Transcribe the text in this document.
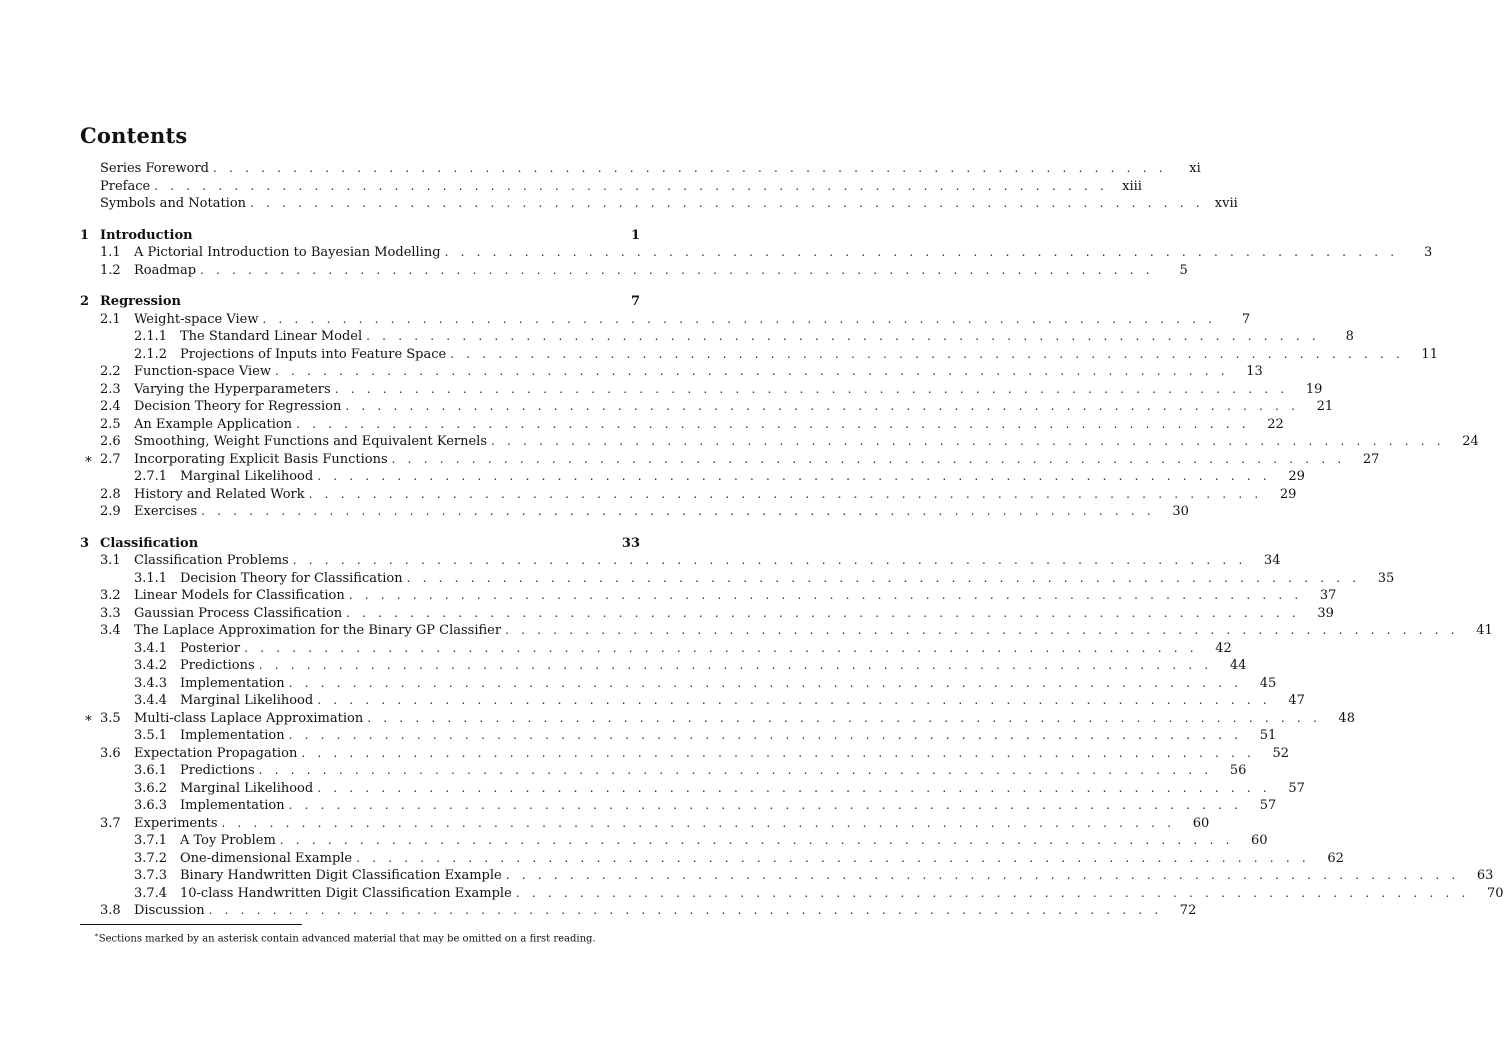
Contents
Series Foreword . . . . . . . . . . . . . . . . . . . . . . . . . . . . . . . . . . . . . . . . . . . . . . . . . . . . . . . . . . . .	xi
Preface . . . . . . . . . . . . . . . . . . . . . . . . . . . . . . . . . . . . . . . . . . . . . . . . . . . . . . . . . . . .	xiii
Symbols and Notation . . . . . . . . . . . . . . . . . . . . . . . . . . . . . . . . . . . . . . . . . . . . . . . . . . . . . . . . . . . . xvii
1 Introduction	1
1.1	A Pictorial Introduction to Bayesian Modelling . . . . . . . . . . . . . . . . . . . . . . . . . . . . . . . . . . . . . . . . . . . . . . . . . . . . . . . . . . . .	3
1.2	Roadmap . . . . . . . . . . . . . . . . . . . . . . . . . . . . . . . . . . . . . . . . . . . . . . . . . . . . . . . . . . . .	5
2 Regression	7
2.1	Weight-space View . . . . . . . . . . . . . . . . . . . . . . . . . . . . . . . . . . . . . . . . . . . . . . . . . . . . . . . . . . . .	7
2.1.1 The Standard Linear Model . . . . . . . . . . . . . . . . . . . . . . . . . . . . . . . . . . . . . . . . . . . . . . . . . . . . . . . . . . . .	8
2.1.2 Projections of Inputs into Feature Space . . . . . . . . . . . . . . . . . . . . . . . . . . . . . . . . . . . . . . . . . . . . . . . . . . . . . . . . . . . .	11
2.2	Function-space View . . . . . . . . . . . . . . . . . . . . . . . . . . . . . . . . . . . . . . . . . . . . . . . . . . . . . . . . . . . .	13
2.3	Varying the Hyperparameters . . . . . . . . . . . . . . . . . . . . . . . . . . . . . . . . . . . . . . . . . . . . . . . . . . . . . . . . . . . .	19
2.4	Decision Theory for Regression . . . . . . . . . . . . . . . . . . . . . . . . . . . . . . . . . . . . . . . . . . . . . . . . . . . . . . . . . . . .	21
2.5	An Example Application . . . . . . . . . . . . . . . . . . . . . . . . . . . . . . . . . . . . . . . . . . . . . . . . . . . . . . . . . . . .	22
2.6	Smoothing, Weight Functions and Equivalent Kernels . . . . . . . . . . . . . . . . . . . . . . . . . . . . . . . . . . . . . . . . . . . . . . . . . . . . . . . . . . . .	24
∗ 2.7	Incorporating Explicit Basis Functions . . . . . . . . . . . . . . . . . . . . . . . . . . . . . . . . . . . . . . . . . . . . . . . . . . . . . . . . . . . .	27
2.7.1 Marginal Likelihood . . . . . . . . . . . . . . . . . . . . . . . . . . . . . . . . . . . . . . . . . . . . . . . . . . . . . . . . . . . .	29
2.8	History and Related Work . . . . . . . . . . . . . . . . . . . . . . . . . . . . . . . . . . . . . . . . . . . . . . . . . . . . . . . . . . . .	29
2.9	Exercises . . . . . . . . . . . . . . . . . . . . . . . . . . . . . . . . . . . . . . . . . . . . . . . . . . . . . . . . . . . .	30
3 Classification	33
3.1	Classification Problems . . . . . . . . . . . . . . . . . . . . . . . . . . . . . . . . . . . . . . . . . . . . . . . . . . . . . . . . . . . .	34
3.1.1 Decision Theory for Classification . . . . . . . . . . . . . . . . . . . . . . . . . . . . . . . . . . . . . . . . . . . . . . . . . . . . . . . . . . . .	35
3.2	Linear Models for Classification . . . . . . . . . . . . . . . . . . . . . . . . . . . . . . . . . . . . . . . . . . . . . . . . . . . . . . . . . . . .	37
3.3	Gaussian Process Classification . . . . . . . . . . . . . . . . . . . . . . . . . . . . . . . . . . . . . . . . . . . . . . . . . . . . . . . . . . . .	39
3.4	The Laplace Approximation for the Binary GP Classifier . . . . . . . . . . . . . . . . . . . . . . . . . . . . . . . . . . . . . . . . . . . . . . . . . . . . . . . . . . . .	41
3.4.1 Posterior . . . . . . . . . . . . . . . . . . . . . . . . . . . . . . . . . . . . . . . . . . . . . . . . . . . . . . . . . . . .	42
3.4.2 Predictions . . . . . . . . . . . . . . . . . . . . . . . . . . . . . . . . . . . . . . . . . . . . . . . . . . . . . . . . . . . .	44
3.4.3 Implementation . . . . . . . . . . . . . . . . . . . . . . . . . . . . . . . . . . . . . . . . . . . . . . . . . . . . . . . . . . . .	45
3.4.4 Marginal Likelihood . . . . . . . . . . . . . . . . . . . . . . . . . . . . . . . . . . . . . . . . . . . . . . . . . . . . . . . . . . . .	47
∗ 3.5	Multi-class Laplace Approximation . . . . . . . . . . . . . . . . . . . . . . . . . . . . . . . . . . . . . . . . . . . . . . . . . . . . . . . . . . . .	48
3.5.1 Implementation . . . . . . . . . . . . . . . . . . . . . . . . . . . . . . . . . . . . . . . . . . . . . . . . . . . . . . . . . . . .	51
3.6	Expectation Propagation . . . . . . . . . . . . . . . . . . . . . . . . . . . . . . . . . . . . . . . . . . . . . . . . . . . . . . . . . . . .	52
3.6.1 Predictions . . . . . . . . . . . . . . . . . . . . . . . . . . . . . . . . . . . . . . . . . . . . . . . . . . . . . . . . . . . .	56
3.6.2 Marginal Likelihood . . . . . . . . . . . . . . . . . . . . . . . . . . . . . . . . . . . . . . . . . . . . . . . . . . . . . . . . . . . .	57
3.6.3 Implementation . . . . . . . . . . . . . . . . . . . . . . . . . . . . . . . . . . . . . . . . . . . . . . . . . . . . . . . . . . . .	57
3.7	Experiments . . . . . . . . . . . . . . . . . . . . . . . . . . . . . . . . . . . . . . . . . . . . . . . . . . . . . . . . . . . .	60
3.7.1 A Toy Problem . . . . . . . . . . . . . . . . . . . . . . . . . . . . . . . . . . . . . . . . . . . . . . . . . . . . . . . . . . . .	60
3.7.2 One-dimensional Example . . . . . . . . . . . . . . . . . . . . . . . . . . . . . . . . . . . . . . . . . . . . . . . . . . . . . . . . . . . .	62
3.7.3 Binary Handwritten Digit Classification Example . . . . . . . . . . . . . . . . . . . . . . . . . . . . . . . . . . . . . . . . . . . . . . . . . . . . . . . . . . . .	63
3.7.4 10-class Handwritten Digit Classification Example . . . . . . . . . . . . . . . . . . . . . . . . . . . . . . . . . . . . . . . . . . . . . . . . . . . . . . . . . . . .	70
3.8	Discussion . . . . . . . . . . . . . . . . . . . . . . . . . . . . . . . . . . . . . . . . . . . . . . . . . . . . . . . . . . . .	72
∗Sections marked by an asterisk contain advanced material that may be omitted on a first reading.
